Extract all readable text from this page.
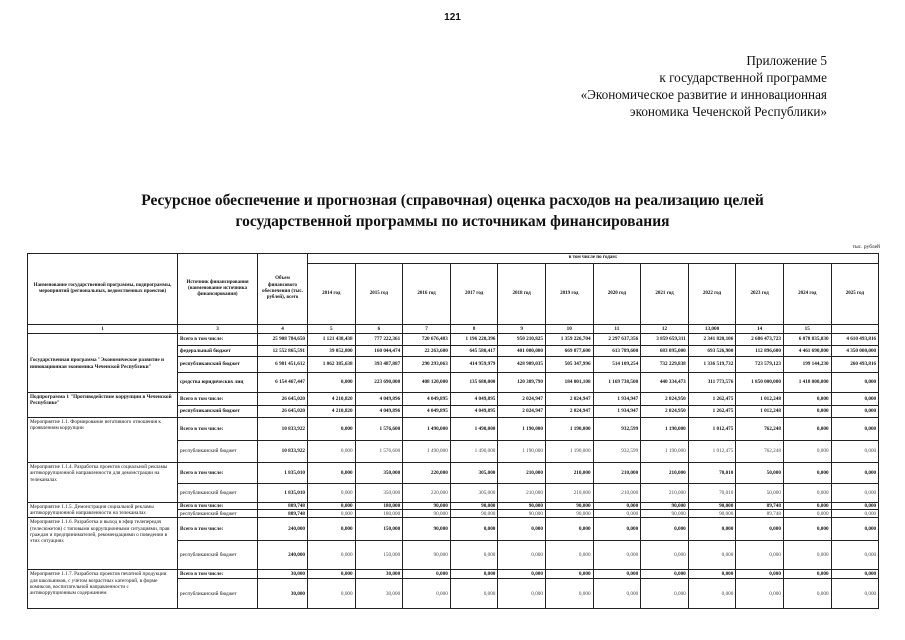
121
Приложение 5
к государственной программе
«Экономическое развитие и инновационная
экономика Чеченской Республики»
Ресурсное обеспечение и прогнозная (справочная) оценка расходов на реализацию целей
государственной программы по источникам финансирования
тыс. рублей
Наименование государственной программы, подпрограммы, мероприятий (региональных, ведомственных проектов)	Источник финансирования (наименование источника финансирования)	Объем финансового обеспечения (тыс. рублей), всего	в том числе по годам:											
			2014 год	2015 год	2016 год	2017 год	2018 год	2019 год	2020 год	2021 год	2022 год	2023 год	2024 год	2025 год
1	3	4	5	6	7	8	9	10	11	12	13,000	14	15	
Государственная программа "Экономическое развитие и инновационная экономика Чеченской Республики"	Всего в том числе:	25 908 784,650	1 121 438,438	777 222,361	720 676,483	1 196 220,396	950 210,825	1 359 226,704	2 297 637,356	3 859 659,311	2 341 820,106	2 686 473,723	6 078 835,030	4 610 493,816
	федеральный бюджет	12 552 865,591	39 052,800	160 044,474	22 263,600	645 580,417	401 000,000	669 877,600	613 789,600	683 095,000	693 526,900	112 896,600	4 461 690,800	4 350 000,000
	республиканский бюджет	6 981 451,612	1 062 385,638	393 487,887	290 293,063	414 959,979	428 909,035	505 347,996	514 109,254	732 229,838	1 336 519,732	723 579,123	199 144,230	260 493,816
	средства юридических лиц	6 154 467,447	0,000	223 690,000	408 120,000	135 680,000	120 309,790	184 001,108	1 169 738,500	440 334,473	311 773,576	1 850 000,000	1 418 000,000	0,000
Подпрограмма 1 "Противодействие коррупции в Чеченской Республике"	Всего в том числе:	26 645,020	4 210,820	4 049,896	4 049,895	4 049,895	2 024,947	2 024,947	1 934,947	2 024,950	1 262,475	1 012,248	0,000	0,000
	республиканский бюджет	26 645,020	4 210,820	4 049,896	4 049,895	4 049,895	2 024,947	2 024,947	1 934,947	2 024,950	1 262,475	1 012,248	0,000	0,000
Мероприятие 1.1. Формирование негативного отношения к проявлениям коррупции	Всего в том числе:	10 833,922	0,000	1 576,600	1 490,000	1 490,000	1 190,000	1 190,000	932,599	1 190,000	1 012,475	762,248	0,000	0,000
	республиканский бюджет	10 833,922	0,000	1 576,600	1 490,000	1 490,000	1 190,000	1 190,000	932,599	1 190,000	1 012,475	762,248	0,000	0,000
Мероприятие 1.1.4. Разработка проектов социальной рекламы антикоррупционной направленности для демонстрации на телеканалах	Всего в том числе:	1 835,010	0,000	350,000	220,000	305,000	210,000	210,000	210,000	210,000	70,010	50,000	0,000	0,000
	республиканский бюджет	1 835,010	0,000	350,000	220,000	305,000	210,000	210,000	210,000	210,000	70,010	50,000	0,000	0,000
Мероприятие 1.1.5. Демонстрация социальной рекламы антикоррупционной направленности на телеканалах	Всего в том числе:	809,748	0,000	180,000	90,000	90,000	90,000	90,000	0,000	90,000	90,000	89,748	0,000	0,000
	республиканский бюджет	809,748	0,000	180,000	90,000	90,000	90,000	90,000	0,000	90,000	90,000	89,748	0,000	0,000
Мероприятие 1.1.6. Разработка и выход в эфир телепередач (телесюжетов) с типовыми коррупционными ситуациями, прав граждан и предпринимателей, рекомендациями о поведении в этих ситуациях	Всего в том числе:	240,000	0,000	150,000	90,000	0,000	0,000	0,000	0,000	0,000	0,000	0,000	0,000	0,000
	республиканский бюджет	240,000	0,000	150,000	90,000	0,000	0,000	0,000	0,000	0,000	0,000	0,000	0,000	0,000
Мероприятие 1.1.7. Разработка проектов печатной продукции для школьников, с учетом возрастных категорий, в форме комиксов, воспитательной направленности с антикоррупционным содержанием	Всего в том числе:	30,000	0,000	30,000	0,000	0,000	0,000	0,000	0,000	0,000	0,000	0,000	0,000	0,000
	республиканский бюджет	30,000	0,000	30,000	0,000	0,000	0,000	0,000	0,000	0,000	0,000	0,000	0,000	0,000
